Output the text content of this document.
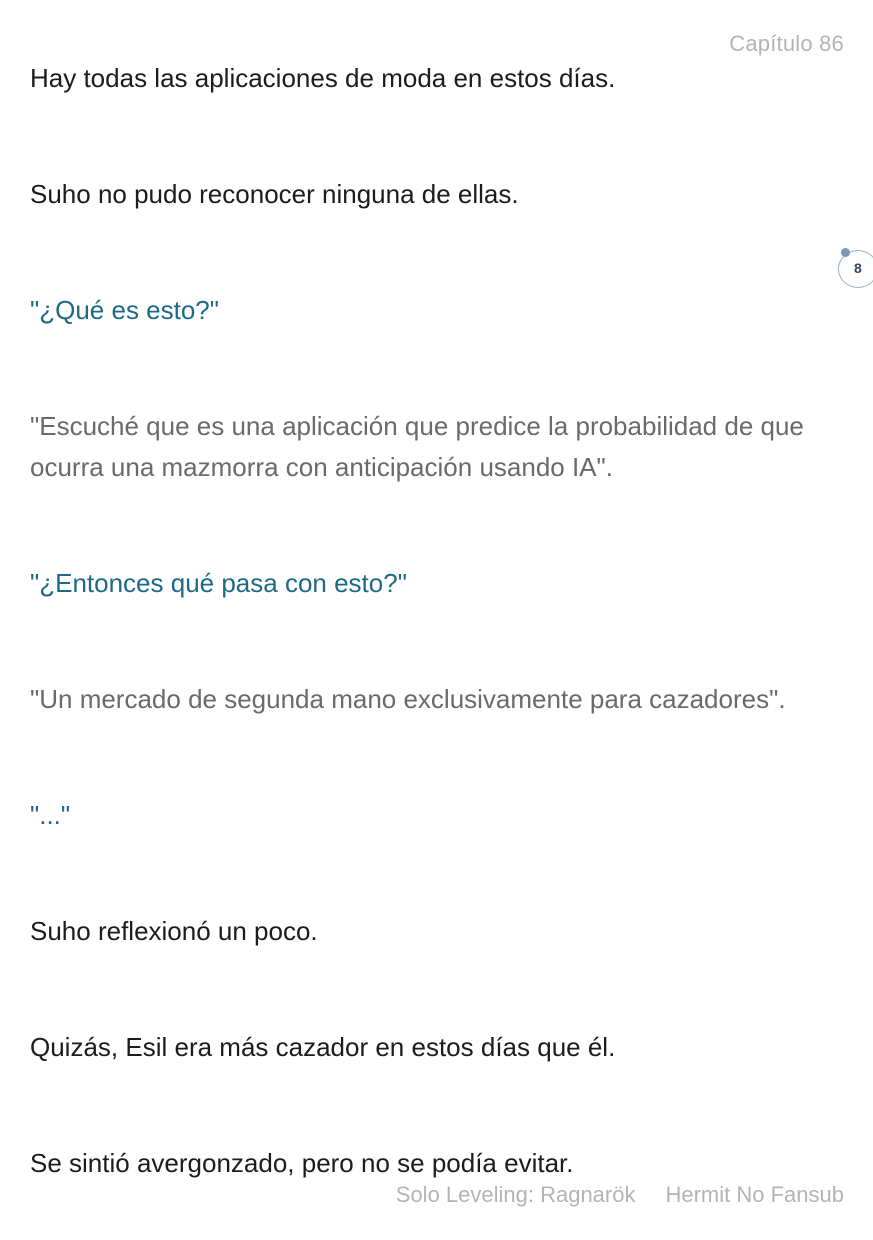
Capítulo 86

Hay todas las aplicaciones de moda en estos días.

Suho no pudo reconocer ninguna de ellas.

"¿Qué es esto?"

"Escuché que es una aplicación que predice la probabilidad de que ocurra una mazmorra con anticipación usando IA".

"¿Entonces qué pasa con esto?"

"Un mercado de segunda mano exclusivamente para cazadores".

"..."

Suho reflexionó un poco.

Quizás, Esil era más cazador en estos días que él.

Se sintió avergonzado, pero no se podía evitar.

8
Solo Leveling: Ragnarök Hermit No Fansub
